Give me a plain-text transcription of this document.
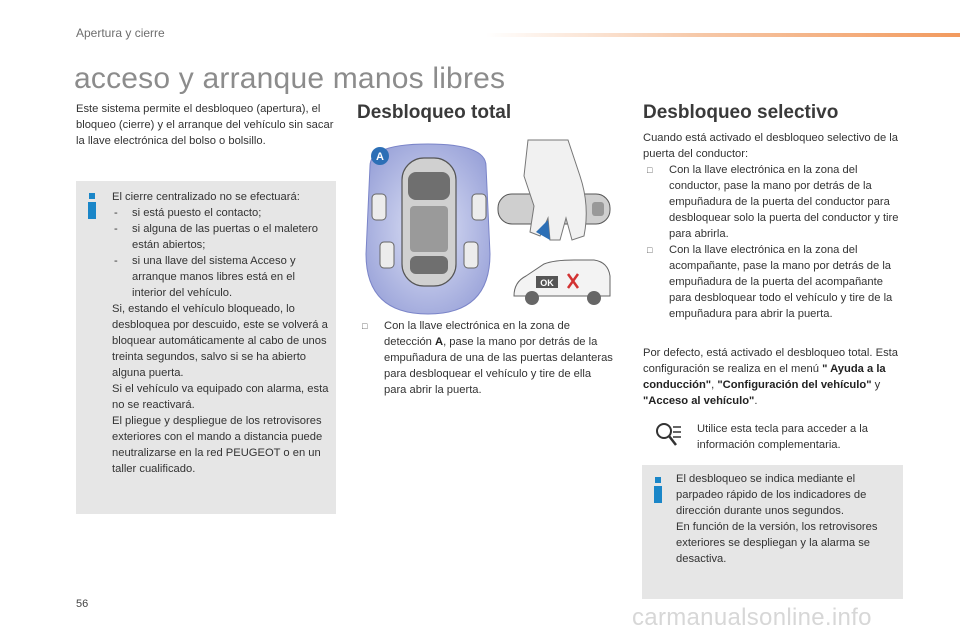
Apertura y cierre
acceso y arranque manos libres
Este sistema permite el desbloqueo (apertura), el bloqueo (cierre) y el arranque del vehículo sin sacar la llave electrónica del bolso o bolsillo.
El cierre centralizado no se efectuará:
- si está puesto el contacto;
- si alguna de las puertas o el maletero están abiertos;
- si una llave del sistema Acceso y arranque manos libres está en el interior del vehículo.
Si, estando el vehículo bloqueado, lo desbloquea por descuido, este se volverá a bloquear automáticamente al cabo de unos treinta segundos, salvo si se ha abierto alguna puerta.
Si el vehículo va equipado con alarma, esta no se reactivará.
El pliegue y despliegue de los retrovisores exteriores con el mando a distancia puede neutralizarse en la red PEUGEOT o en un taller cualificado.
Desbloqueo total
A
OK
□	Con la llave electrónica en la zona de detección A, pase la mano por detrás de la empuñadura de una de las puertas delanteras para desbloquear el vehículo y tire de ella para abrir la puerta.
Desbloqueo selectivo
Cuando está activado el desbloqueo selectivo de la puerta del conductor:
□	Con la llave electrónica en la zona del conductor, pase la mano por detrás de la empuñadura de la puerta del conductor para desbloquear solo la puerta del conductor y tire para abrirla.
□	Con la llave electrónica en la zona del acompañante, pase la mano por detrás de la empuñadura de la puerta del acompañante para desbloquear todo el vehículo y tire de la empuñadura para abrir la puerta.
Por defecto, está activado el desbloqueo total. Esta configuración se realiza en el menú " Ayuda a la conducción", "Configuración del vehículo" y "Acceso al vehículo".
Utilice esta tecla para acceder a la información complementaria.
El desbloqueo se indica mediante el parpadeo rápido de los indicadores de dirección durante unos segundos.
En función de la versión, los retrovisores exteriores se despliegan y la alarma se desactiva.
56	carmanualsonline.info
